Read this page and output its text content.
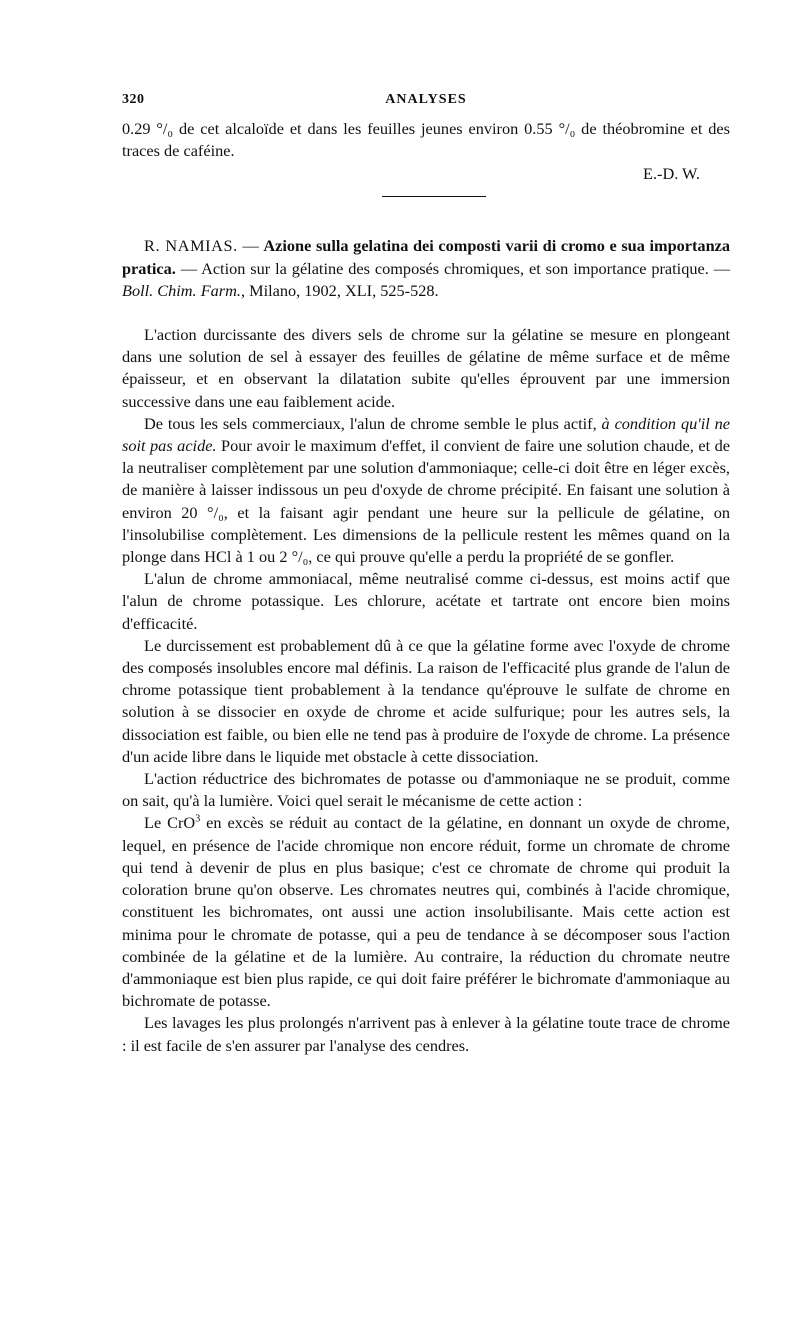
320	ANALYSES

0.29 °/₀ de cet alcaloïde et dans les feuilles jeunes environ 0.55 °/₀ de théobromine et des traces de caféine.

E.-D. W.

R. NAMIAS. — Azione sulla gelatina dei composti varii di cromo e sua importanza pratica. — Action sur la gélatine des composés chromiques, et son importance pratique. — Boll. Chim. Farm., Milano, 1902, XLI, 525-528.

L'action durcissante des divers sels de chrome sur la gélatine se mesure en plongeant dans une solution de sel à essayer des feuilles de gélatine de même surface et de même épaisseur, et en observant la dilatation subite qu'elles éprouvent par une immersion successive dans une eau faiblement acide.

De tous les sels commerciaux, l'alun de chrome semble le plus actif, à condition qu'il ne soit pas acide. Pour avoir le maximum d'effet, il convient de faire une solution chaude, et de la neutraliser complètement par une solution d'ammoniaque; celle-ci doit être en léger excès, de manière à laisser indissous un peu d'oxyde de chrome précipité. En faisant une solution à environ 20 °/₀, et la faisant agir pendant une heure sur la pellicule de gélatine, on l'insolubilise complètement. Les dimensions de la pellicule restent les mêmes quand on la plonge dans HCl à 1 ou 2 °/₀, ce qui prouve qu'elle a perdu la propriété de se gonfler.

L'alun de chrome ammoniacal, même neutralisé comme ci-dessus, est moins actif que l'alun de chrome potassique. Les chlorure, acétate et tartrate ont encore bien moins d'efficacité.

Le durcissement est probablement dû à ce que la gélatine forme avec l'oxyde de chrome des composés insolubles encore mal définis. La raison de l'efficacité plus grande de l'alun de chrome potassique tient probablement à la tendance qu'éprouve le sulfate de chrome en solution à se dissocier en oxyde de chrome et acide sulfurique; pour les autres sels, la dissociation est faible, ou bien elle ne tend pas à produire de l'oxyde de chrome. La présence d'un acide libre dans le liquide met obstacle à cette dissociation.

L'action réductrice des bichromates de potasse ou d'ammoniaque ne se produit, comme on sait, qu'à la lumière. Voici quel serait le mécanisme de cette action :

Le CrO$^3$ en excès se réduit au contact de la gélatine, en donnant un oxyde de chrome, lequel, en présence de l'acide chromique non encore réduit, forme un chromate de chrome qui tend à devenir de plus en plus basique; c'est ce chromate de chrome qui produit la coloration brune qu'on observe. Les chromates neutres qui, combinés à l'acide chromique, constituent les bichromates, ont aussi une action insolubilisante. Mais cette action est minima pour le chromate de potasse, qui a peu de tendance à se décomposer sous l'action combinée de la gélatine et de la lumière. Au contraire, la réduction du chromate neutre d'ammoniaque est bien plus rapide, ce qui doit faire préférer le bichromate d'ammoniaque au bichromate de potasse.

Les lavages les plus prolongés n'arrivent pas à enlever à la gélatine toute trace de chrome : il est facile de s'en assurer par l'analyse des cendres.
